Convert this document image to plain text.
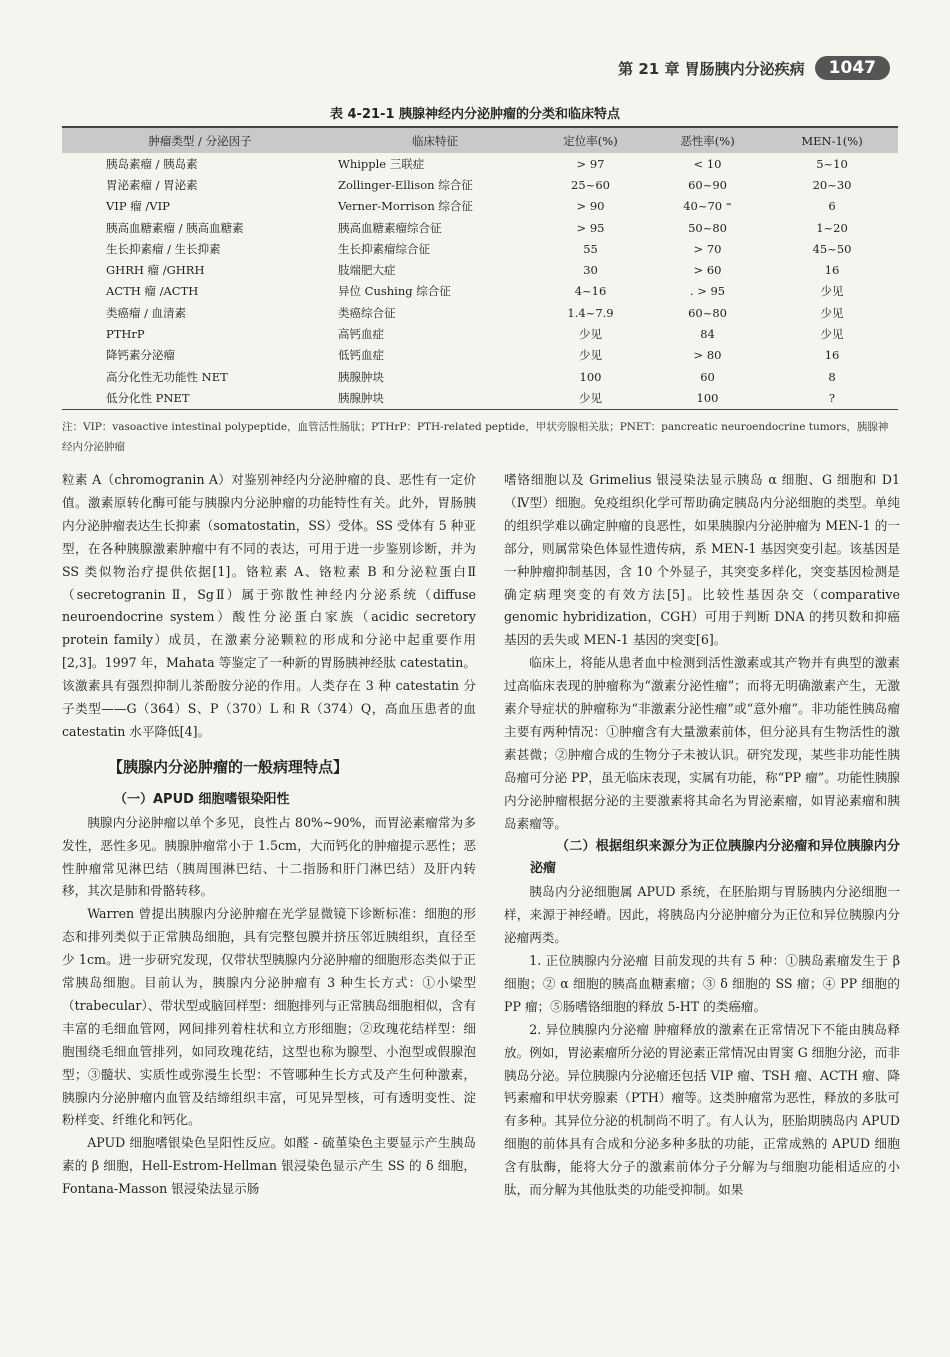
第 21 章 胃肠胰内分泌疾病	1047
表 4-21-1 胰腺神经内分泌肿瘤的分类和临床特点
肿瘤类型 / 分泌因子	临床特征	定位率(%)	恶性率(%)	MEN-1(%)
胰岛素瘤 / 胰岛素	Whipple 三联症	> 97	< 10	5~10
胃泌素瘤 / 胃泌素	Zollinger-Ellison 综合征	25~60	60~90	20~30
VIP 瘤 /VIP	Verner-Morrison 综合征	> 90	40~70 ⁼	6
胰高血糖素瘤 / 胰高血糖素	胰高血糖素瘤综合征	> 95	50~80	1~20
生长抑素瘤 / 生长抑素	生长抑素瘤综合征	55	> 70	45~50
GHRH 瘤 /GHRH	肢端肥大症	30	> 60	16
ACTH 瘤 /ACTH	异位 Cushing 综合征	4~16	. > 95	少见
类癌瘤 / 血清素	类癌综合征	1.4~7.9	60~80	少见
PTHrP	高钙血症	少见	84	少见
降钙素分泌瘤	低钙血症	少见	> 80	16
高分化性无功能性 NET	胰腺肿块	100	60	8
低分化性 PNET	胰腺肿块	少见	100	?
注：VIP：vasoactive intestinal polypeptide，血管活性肠肽；PTHrP：PTH-related peptide，甲状旁腺相关肽；PNET：pancreatic neuroendocrine tumors，胰腺神经内分泌肿瘤

粒素 A（chromogranin A）对鉴别神经内分泌肿瘤的良、恶性有一定价值。激素原转化酶可能与胰腺内分泌肿瘤的功能特性有关。此外，胃肠胰内分泌肿瘤表达生长抑素（somatostatin，SS）受体。SS 受体有 5 种亚型，在各种胰腺激素肿瘤中有不同的表达，可用于进一步鉴别诊断，并为 SS 类似物治疗提供依据[1]。铬粒素 A、铬粒素 B 和分泌粒蛋白Ⅱ（secretogranin Ⅱ，SgⅡ）属于弥散性神经内分泌系统（diffuse neuroendocrine system）酸性分泌蛋白家族（acidic secretory protein family）成员，在激素分泌颗粒的形成和分泌中起重要作用[2,3]。1997 年，Mahata 等鉴定了一种新的胃肠胰神经肽 catestatin。该激素具有强烈抑制儿茶酚胺分泌的作用。人类存在 3 种 catestatin 分子类型——G（364）S、P（370）L 和 R（374）Q，高血压患者的血 catestatin 水平降低[4]。

【胰腺内分泌肿瘤的一般病理特点】

（一）APUD 细胞嗜银染阳性

胰腺内分泌肿瘤以单个多见，良性占 80%~90%，而胃泌素瘤常为多发性，恶性多见。胰腺肿瘤常小于 1.5cm，大而钙化的肿瘤提示恶性；恶性肿瘤常见淋巴结（胰周围淋巴结、十二指肠和肝门淋巴结）及肝内转移，其次是肺和骨骼转移。

Warren 曾提出胰腺内分泌肿瘤在光学显微镜下诊断标准：细胞的形态和排列类似于正常胰岛细胞，具有完整包膜并挤压邻近胰组织，直径至少 1cm。进一步研究发现，仅带状型胰腺内分泌肿瘤的细胞形态类似于正常胰岛细胞。目前认为，胰腺内分泌肿瘤有 3 种生长方式：①小梁型（trabecular）、带状型或脑回样型：细胞排列与正常胰岛细胞相似，含有丰富的毛细血管网，网间排列着柱状和立方形细胞；②玫瑰花结样型：细胞围绕毛细血管排列，如同玫瑰花结，这型也称为腺型、小泡型或假腺泡型；③髓状、实质性或弥漫生长型：不管哪种生长方式及产生何种激素，胰腺内分泌肿瘤内血管及结缔组织丰富，可见异型核，可有透明变性、淀粉样变、纤维化和钙化。

APUD 细胞嗜银染色呈阳性反应。如醛 - 硫堇染色主要显示产生胰岛素的 β 细胞，Hell-Estrom-Hellman 银浸染色显示产生 SS 的 δ 细胞，Fontana-Masson 银浸染法显示肠

嗜铬细胞以及 Grimelius 银浸染法显示胰岛 α 细胞、G 细胞和 D1（Ⅳ型）细胞。免疫组织化学可帮助确定胰岛内分泌细胞的类型。单纯的组织学难以确定肿瘤的良恶性，如果胰腺内分泌肿瘤为 MEN-1 的一部分，则属常染色体显性遗传病，系 MEN-1 基因突变引起。该基因是一种肿瘤抑制基因，含 10 个外显子，其突变多样化，突变基因检测是确定病理突变的有效方法[5]。比较性基因杂交（comparative genomic hybridization，CGH）可用于判断 DNA 的拷贝数和抑癌基因的丢失或 MEN-1 基因的突变[6]。

临床上，将能从患者血中检测到活性激素或其产物并有典型的激素过高临床表现的肿瘤称为“激素分泌性瘤”；而将无明确激素产生，无激素介导症状的肿瘤称为“非激素分泌性瘤”或“意外瘤”。非功能性胰岛瘤主要有两种情况：①肿瘤含有大量激素前体，但分泌具有生物活性的激素甚微；②肿瘤合成的生物分子未被认识。研究发现，某些非功能性胰岛瘤可分泌 PP，虽无临床表现，实属有功能，称“PP 瘤”。功能性胰腺内分泌肿瘤根据分泌的主要激素将其命名为胃泌素瘤，如胃泌素瘤和胰岛素瘤等。

（二）根据组织来源分为正位胰腺内分泌瘤和异位胰腺内分泌瘤

胰岛内分泌细胞属 APUD 系统，在胚胎期与胃肠胰内分泌细胞一样，来源于神经嵴。因此，将胰岛内分泌肿瘤分为正位和异位胰腺内分泌瘤两类。

1. 正位胰腺内分泌瘤 目前发现的共有 5 种：①胰岛素瘤发生于 β 细胞；② α 细胞的胰高血糖素瘤；③ δ 细胞的 SS 瘤；④ PP 细胞的 PP 瘤；⑤肠嗜铬细胞的释放 5-HT 的类癌瘤。

2. 异位胰腺内分泌瘤 肿瘤释放的激素在正常情况下不能由胰岛释放。例如，胃泌素瘤所分泌的胃泌素正常情况由胃窦 G 细胞分泌，而非胰岛分泌。异位胰腺内分泌瘤还包括 VIP 瘤、TSH 瘤、ACTH 瘤、降钙素瘤和甲状旁腺素（PTH）瘤等。这类肿瘤常为恶性，释放的多肽可有多种。其异位分泌的机制尚不明了。有人认为，胚胎期胰岛内 APUD 细胞的前体具有合成和分泌多种多肽的功能，正常成熟的 APUD 细胞含有肽酶，能将大分子的激素前体分子分解为与细胞功能相适应的小肽，而分解为其他肽类的功能受抑制。如果
